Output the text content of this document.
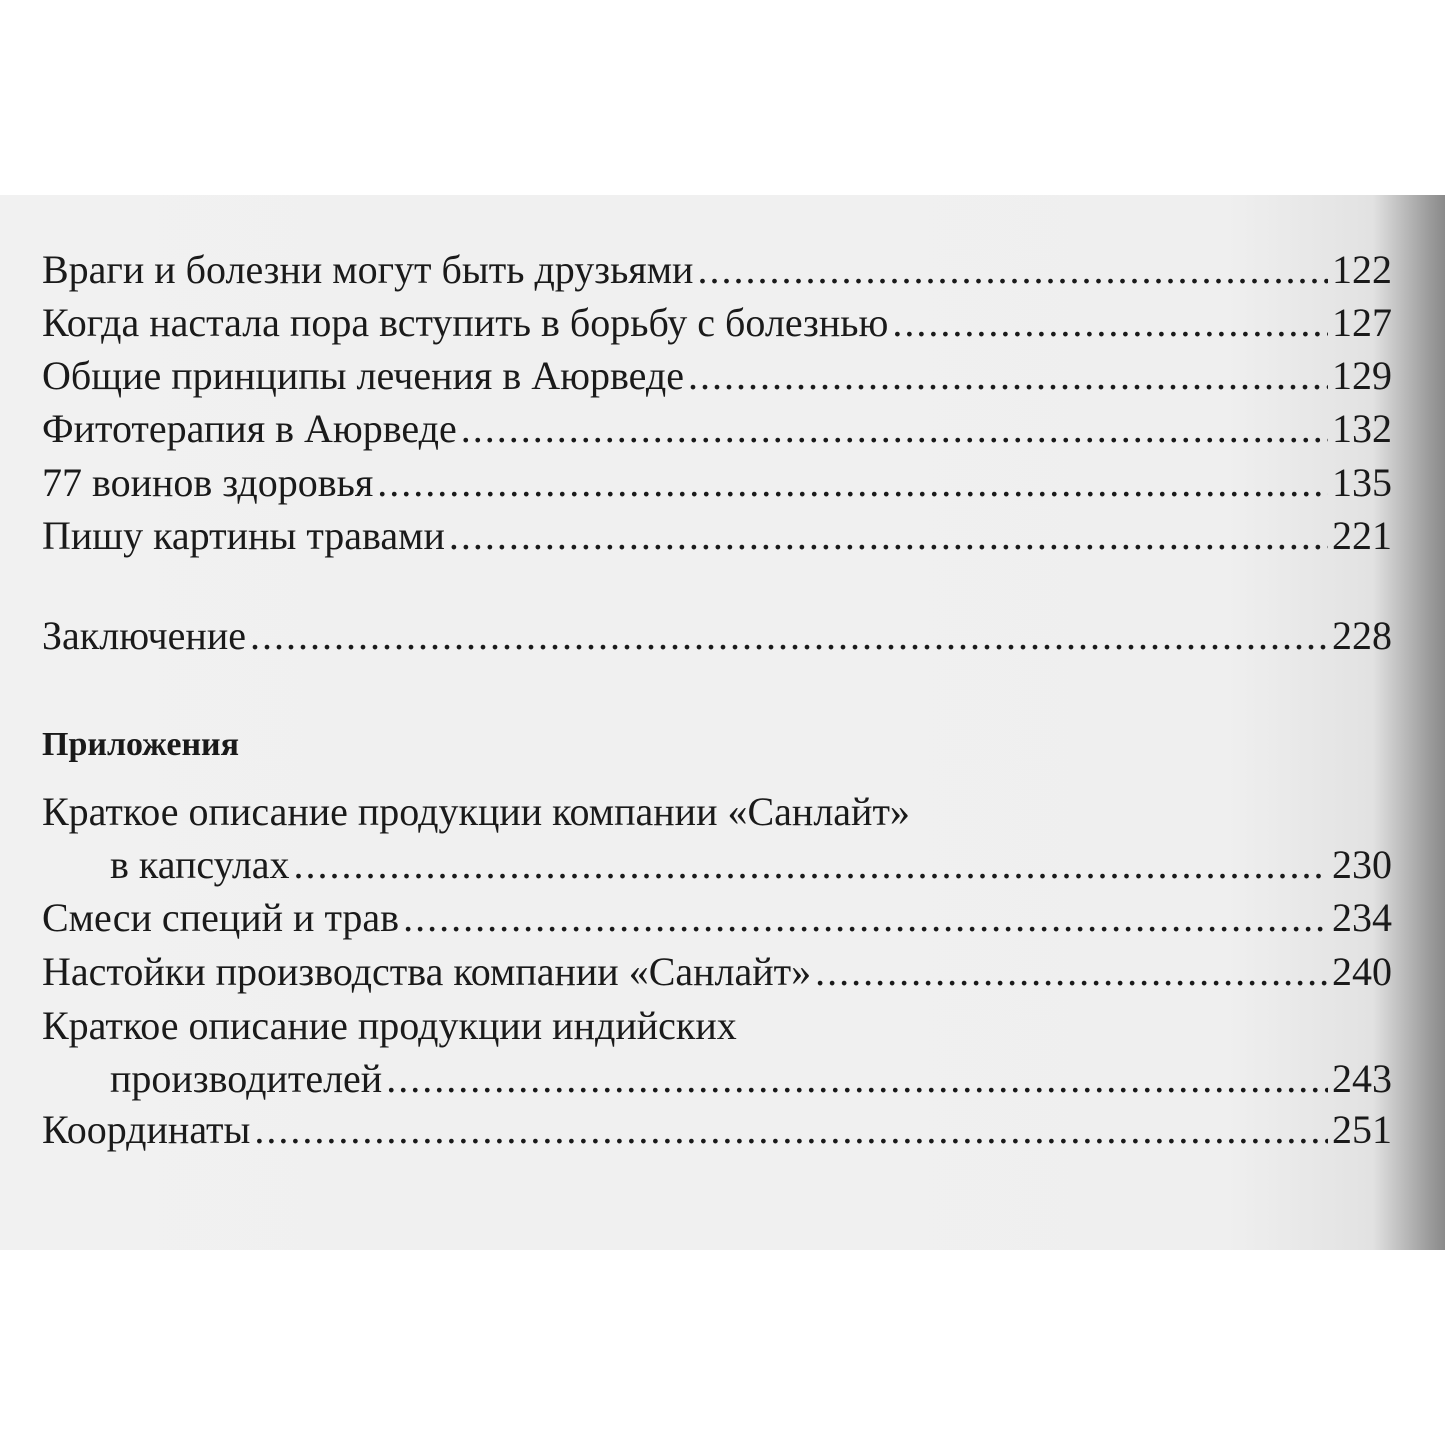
Враги и болезни могут быть друзьями .....	122
Когда настала пора вступить в борьбу с болезнью .....	127
Общие принципы лечения в Аюрведе .....	129
Фитотерапия в Аюрведе .....	132
77 воинов здоровья .....	135
Пишу картины травами .....	221
Заключение .....	228
Приложения
Краткое описание продукции компании «Санлайт»
в капсулах .....	230
Смеси специй и трав .....	234
Настойки производства компании «Санлайт» .....	240
Краткое описание продукции индийских
производителей .....	243
Координаты .....	251
